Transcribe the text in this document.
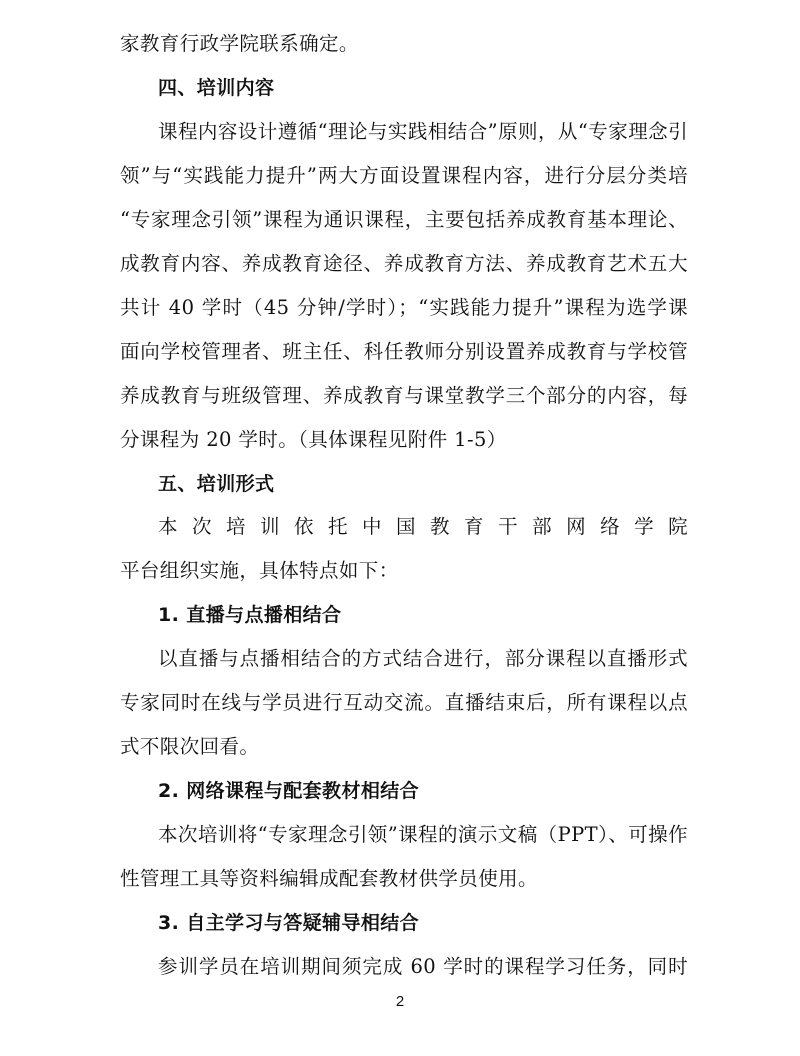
家教育行政学院联系确定。
四、培训内容
课程内容设计遵循“理论与实践相结合”原则，从“专家理念引
领”与“实践能力提升”两大方面设置课程内容，进行分层分类培
“专家理念引领”课程为通识课程，主要包括养成教育基本理论、
成教育内容、养成教育途径、养成教育方法、养成教育艺术五大
共计 40 学时（45 分钟/学时）；“实践能力提升”课程为选学课
面向学校管理者、班主任、科任教师分别设置养成教育与学校管
养成教育与班级管理、养成教育与课堂教学三个部分的内容，每
分课程为 20 学时。（具体课程见附件 1-5）
五、培训形式
本次培训依托中国教育干部网络学院
平台组织实施，具体特点如下：
1. 直播与点播相结合
以直播与点播相结合的方式结合进行，部分课程以直播形式
专家同时在线与学员进行互动交流。直播结束后，所有课程以点
式不限次回看。
2. 网络课程与配套教材相结合
本次培训将“专家理念引领”课程的演示文稿（PPT）、可操作
性管理工具等资料编辑成配套教材供学员使用。
3. 自主学习与答疑辅导相结合
参训学员在培训期间须完成 60 学时的课程学习任务，同时
2
